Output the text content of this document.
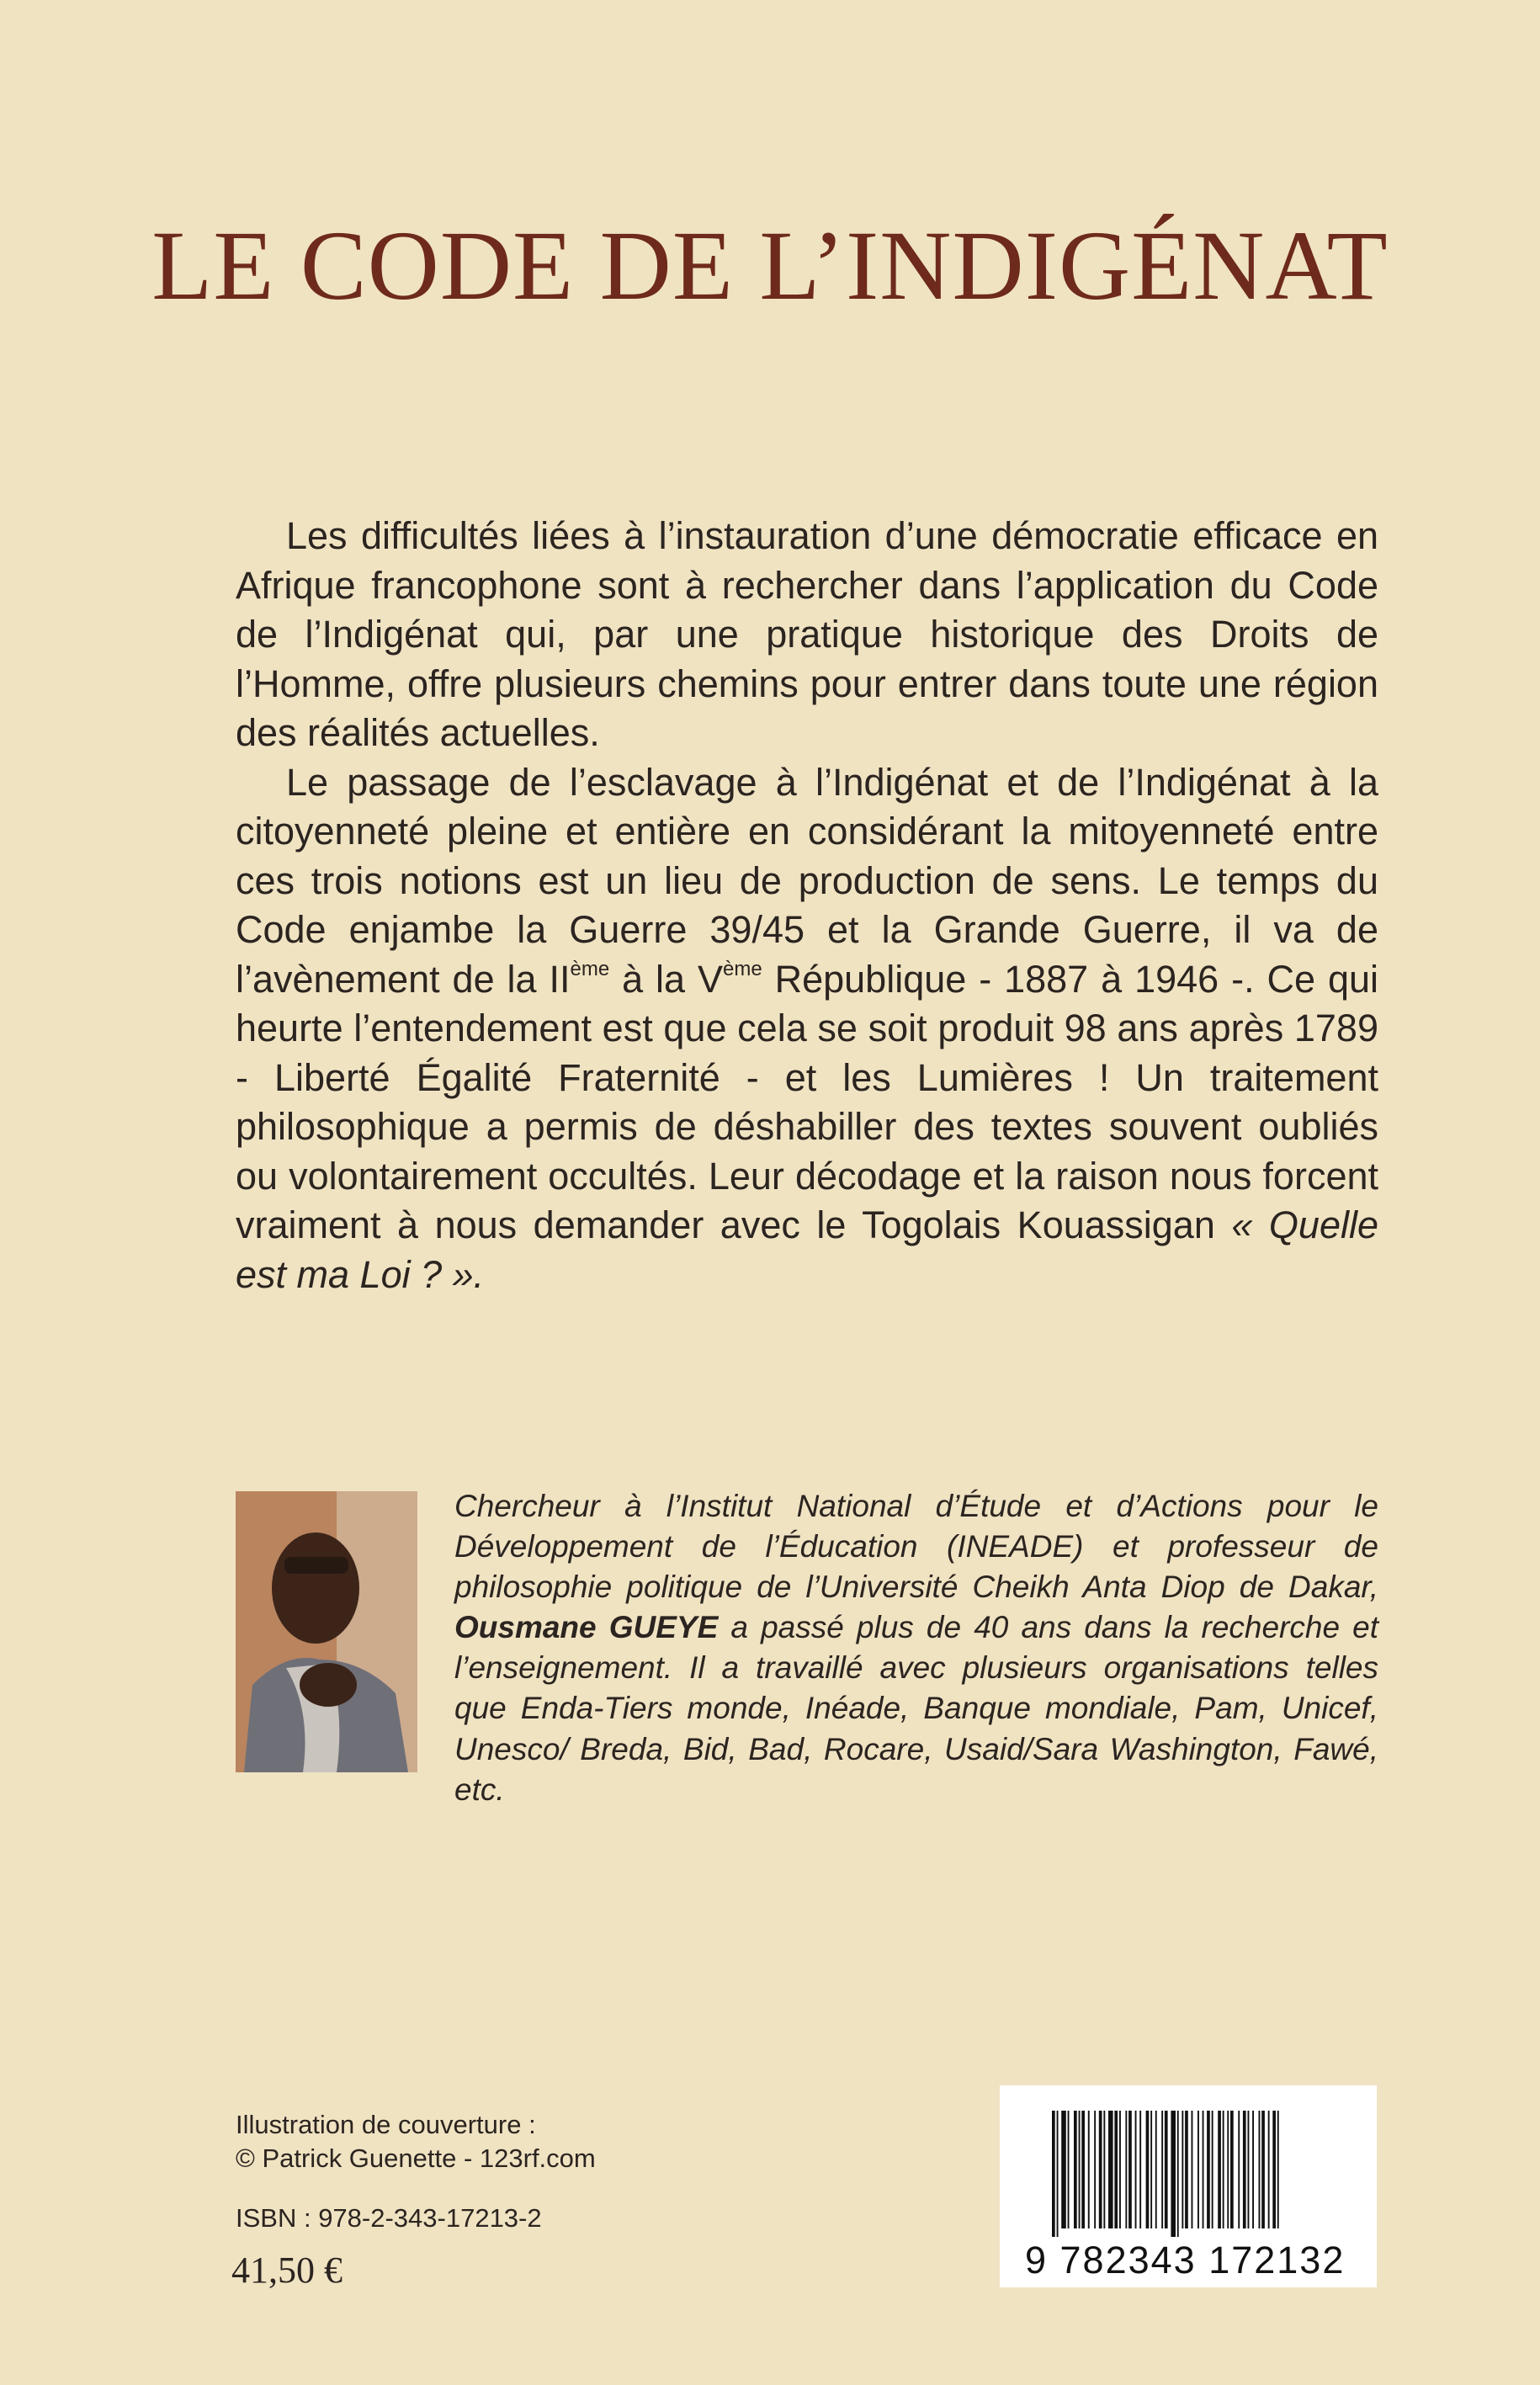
LE CODE DE L’INDIGÉNAT

Les difficultés liées à l’instauration d’une démocratie efficace en Afrique francophone sont à rechercher dans l’application du Code de l’Indigénat qui, par une pratique historique des Droits de l’Homme, offre plusieurs chemins pour entrer dans toute une région des réalités actuelles.

Le passage de l’esclavage à l’Indigénat et de l’Indigénat à la citoyenneté pleine et entière en considérant la mitoyenneté entre ces trois notions est un lieu de production de sens. Le temps du Code enjambe la Guerre 39/45 et la Grande Guerre, il va de l’avènement de la IIème à la Vème République - 1887 à 1946 -. Ce qui heurte l’entendement est que cela se soit produit 98 ans après 1789 - Liberté Égalité Fraternité - et les Lumières ! Un traitement philosophique a permis de déshabiller des textes souvent oubliés ou volontairement occultés. Leur décodage et la raison nous forcent vraiment à nous demander avec le Togolais Kouassigan « Quelle est ma Loi ? ».

Chercheur à l’Institut National d’Étude et d’Actions pour le Développement de l’Éducation (INEADE) et professeur de philosophie politique de l’Université Cheikh Anta Diop de Dakar, Ousmane GUEYE a passé plus de 40 ans dans la recherche et l’enseignement. Il a travaillé avec plusieurs organisations telles que Enda-Tiers monde, Inéade, Banque mondiale, Pam, Unicef, Unesco/ Breda, Bid, Bad, Rocare, Usaid/Sara Washington, Fawé, etc.
Illustration de couverture :
© Patrick Guenette - 123rf.com
ISBN : 978-2-343-17213-2
41,50 €	9 782343 172132
